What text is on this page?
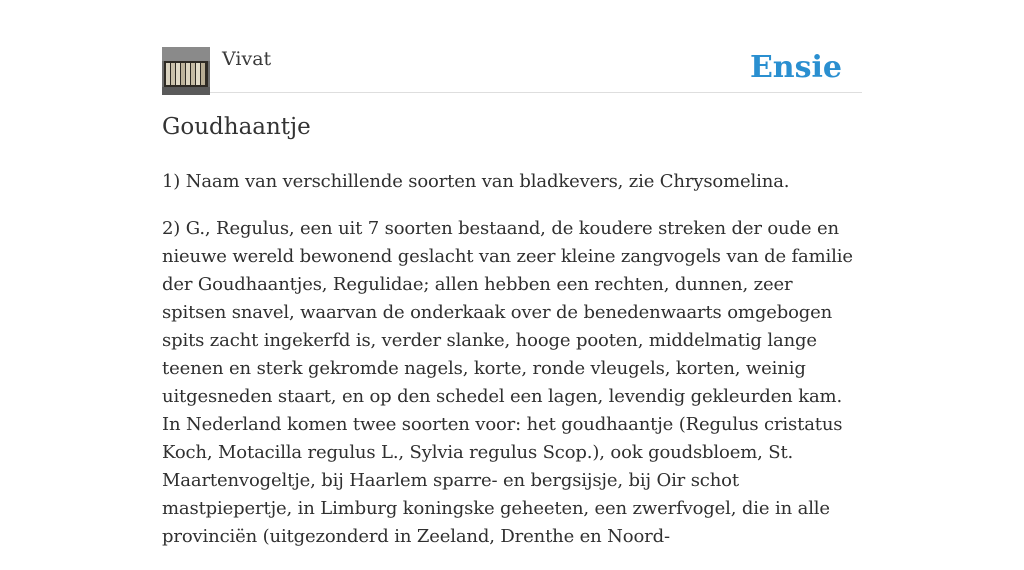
Vivat	Ensie
Goudhaantje

1) Naam van verschillende soorten van bladkevers, zie Chrysomelina.

2) G., Regulus, een uit 7 soorten bestaand, de koudere streken der oude en nieuwe wereld bewonend geslacht van zeer kleine zangvogels van de familie der Goudhaantjes, Regulidae; allen hebben een rechten, dunnen, zeer spitsen snavel, waarvan de onderkaak over de benedenwaarts omgebogen spits zacht ingekerfd is, verder slanke, hooge pooten, middelmatig lange teenen en sterk gekromde nagels, korte, ronde vleugels, korten, weinig uitgesneden staart, en op den schedel een lagen, levendig gekleurden kam. In Nederland komen twee soorten voor: het goudhaantje (Regulus cristatus Koch, Motacilla regulus L., Sylvia regulus Scop.), ook goudsbloem, St. Maartenvogeltje, bij Haarlem sparre- en bergsijsje, bij Oir schot mastpiepertje, in Limburg koningske geheeten, een zwerfvogel, die in alle provinciën (uitgezonderd in Zeeland, Drenthe en Noord-
